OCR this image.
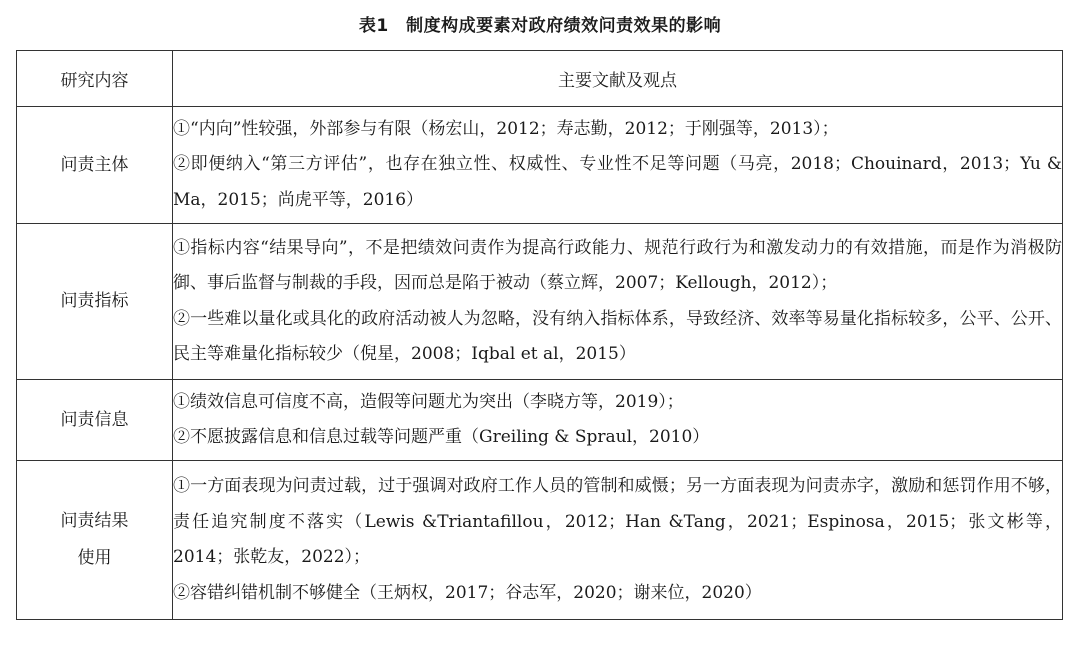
表1　制度构成要素对政府绩效问责效果的影响
研究内容	主要文献及观点
问责主体	①“内向”性较强，外部参与有限（杨宏山，2012；寿志勤，2012；于刚强等，2013）；
②即便纳入“第三方评估”，也存在独立性、权威性、专业性不足等问题（马亮，2018；Chouinard，2013；Yu & Ma，2015；尚虎平等，2016）

问责指标	①指标内容“结果导向”，不是把绩效问责作为提高行政能力、规范行政行为和激发动力的有效措施，而是作为消极防御、事后监督与制裁的手段，因而总是陷于被动（蔡立辉，2007；Kellough，2012）；
②一些难以量化或具化的政府活动被人为忽略，没有纳入指标体系，导致经济、效率等易量化指标较多，公平、公开、民主等难量化指标较少（倪星，2008；Iqbal et al，2015）

问责信息	①绩效信息可信度不高，造假等问题尤为突出（李晓方等，2019）；
②不愿披露信息和信息过载等问题严重（Greiling & Spraul，2010）

问责结果
使用	①一方面表现为问责过载，过于强调对政府工作人员的管制和威慑；另一方面表现为问责赤字，激励和惩罚作用不够，责任追究制度不落实（Lewis &Triantafillou，2012；Han &Tang，2021；Espinosa，2015；张文彬等，2014；张乾友，2022）；
②容错纠错机制不够健全（王炳权，2017；谷志军，2020；谢来位，2020）
